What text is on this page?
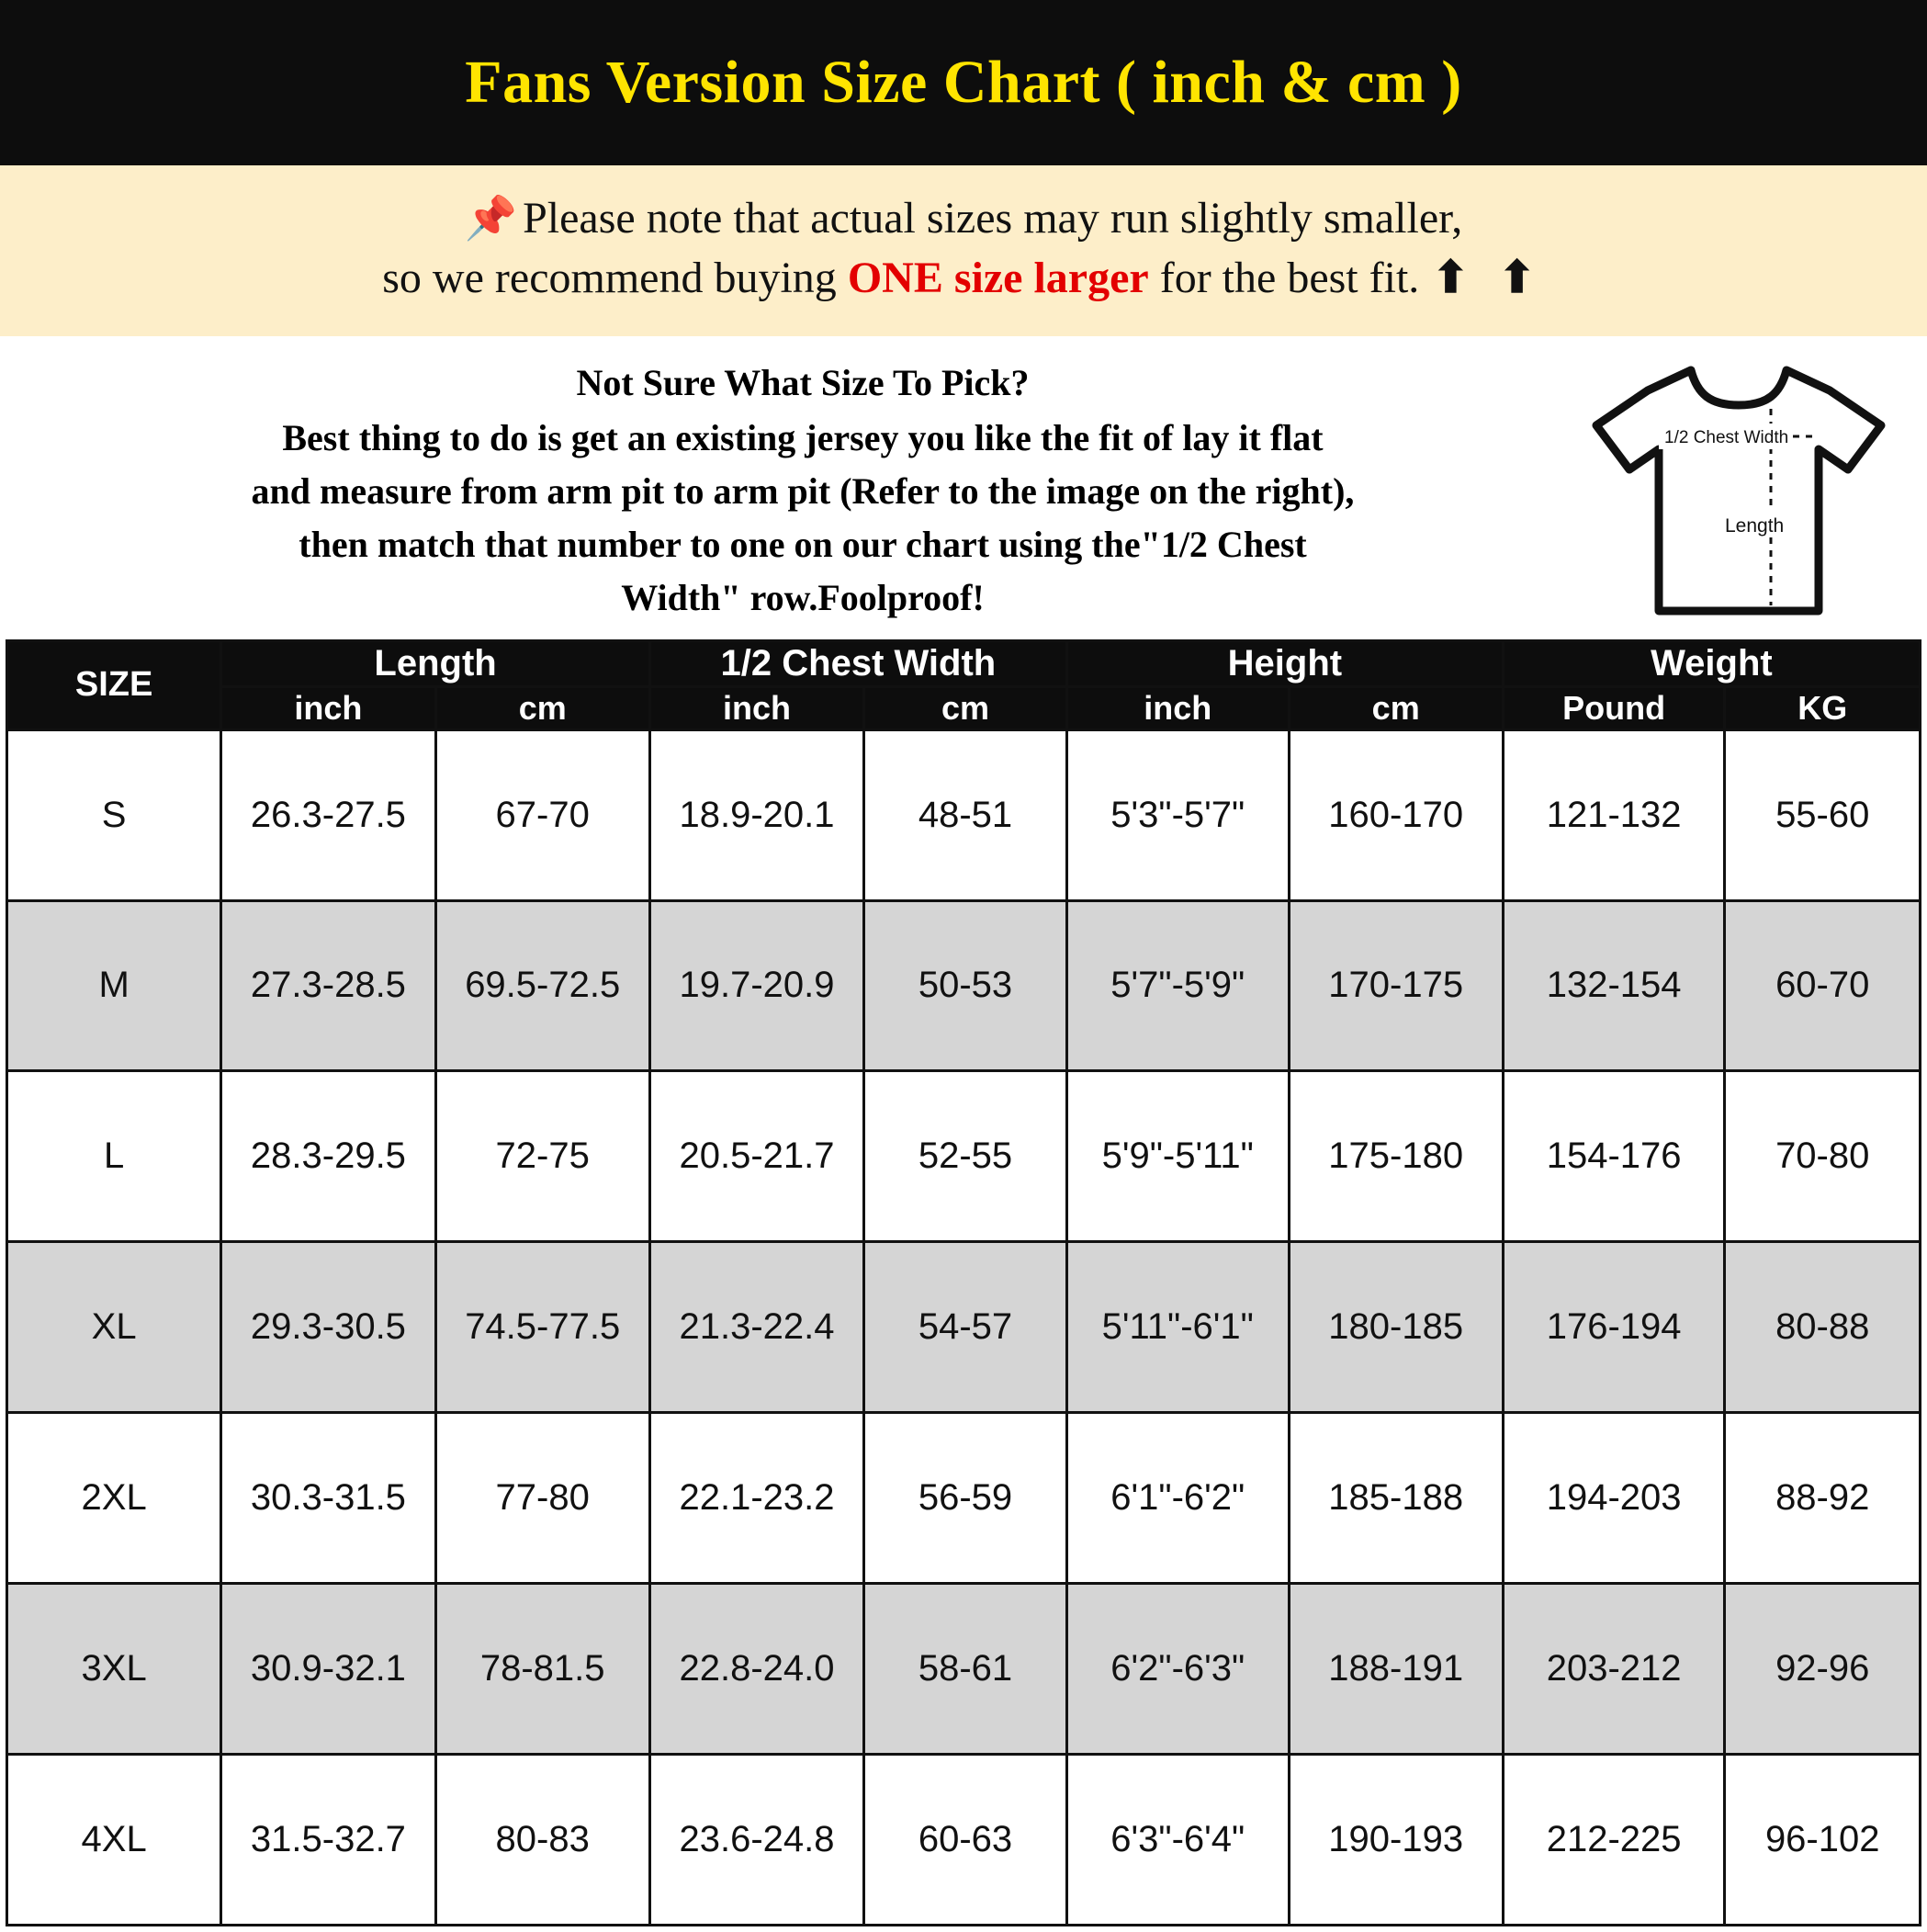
Fans Version Size Chart ( inch & cm )
📌 Please note that actual sizes may run slightly smaller,
so we recommend buying ONE size larger for the best fit. ⬆ ⬆
Not Sure What Size To Pick?
Best thing to do is get an existing jersey you like the fit of lay it flat
and measure from arm pit to arm pit (Refer to the image on the right),
then match that number to one on our chart using the"1/2 Chest
Width" row.Foolproof!
1/2 Chest Width
Length
SIZE	Length		1/2 Chest Width		Height		Weight	
	inch	cm	inch	cm	inch	cm	Pound	KG
S	26.3-27.5	67-70	18.9-20.1	48-51	5'3"-5'7"	160-170	121-132	55-60
M	27.3-28.5	69.5-72.5	19.7-20.9	50-53	5'7"-5'9"	170-175	132-154	60-70
L	28.3-29.5	72-75	20.5-21.7	52-55	5'9"-5'11"	175-180	154-176	70-80
XL	29.3-30.5	74.5-77.5	21.3-22.4	54-57	5'11"-6'1"	180-185	176-194	80-88
2XL	30.3-31.5	77-80	22.1-23.2	56-59	6'1"-6'2"	185-188	194-203	88-92
3XL	30.9-32.1	78-81.5	22.8-24.0	58-61	6'2"-6'3"	188-191	203-212	92-96
4XL	31.5-32.7	80-83	23.6-24.8	60-63	6'3"-6'4"	190-193	212-225	96-102
